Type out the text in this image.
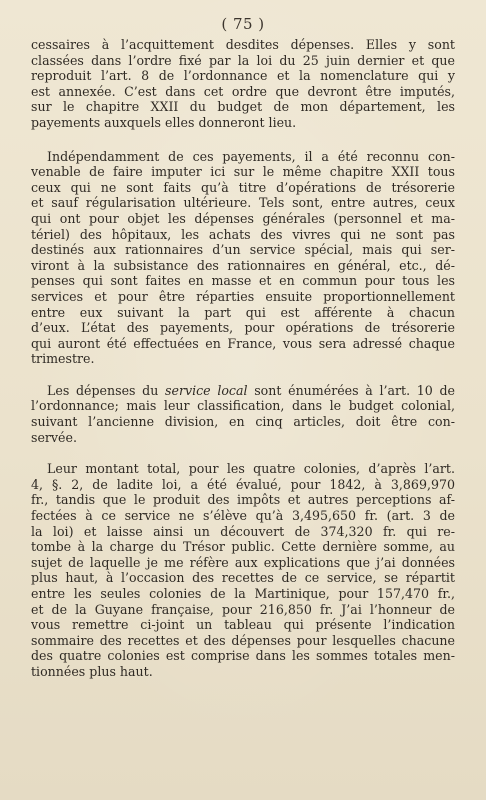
( 75 )
cessaires à l’acquittement desdites dépenses. Elles y sont
classées dans l’ordre fixé par la loi du 25 juin dernier et que
reproduit l’art. 8 de l’ordonnance et la nomenclature qui y
est annexée. C’est dans cet ordre que devront être imputés,
sur le chapitre XXII du budget de mon département, les
payements auxquels elles donneront lieu.
Indépendamment de ces payements, il a été reconnu con-
venable de faire imputer ici sur le même chapitre XXII tous
ceux qui ne sont faits qu’à titre d’opérations de trésorerie
et sauf régularisation ultérieure. Tels sont, entre autres, ceux
qui ont pour objet les dépenses générales (personnel et ma-
tériel) des hôpitaux, les achats des vivres qui ne sont pas
destinés aux rationnaires d’un service spécial, mais qui ser-
viront à la subsistance des rationnaires en général, etc., dé-
penses qui sont faites en masse et en commun pour tous les
services et pour être réparties ensuite proportionnellement
entre eux suivant la part qui est afférente à chacun
d’eux. L’état des payements, pour opérations de trésorerie
qui auront été effectuées en France, vous sera adressé chaque
trimestre.
Les dépenses du service local sont énumérées à l’art. 10 de
l’ordonnance; mais leur classification, dans le budget colonial,
suivant l’ancienne division, en cinq articles, doit être con-
servée.
Leur montant total, pour les quatre colonies, d’après l’art.
4, §. 2, de ladite loi, a été évalué, pour 1842, à 3,869,970
fr., tandis que le produit des impôts et autres perceptions af-
fectées à ce service ne s’élève qu’à 3,495,650 fr. (art. 3 de
la loi) et laisse ainsi un découvert de 374,320 fr. qui re-
tombe à la charge du Trésor public. Cette dernière somme, au
sujet de laquelle je me réfère aux explications que j’ai données
plus haut, à l’occasion des recettes de ce service, se répartit
entre les seules colonies de la Martinique, pour 157,470 fr.,
et de la Guyane française, pour 216,850 fr. J’ai l’honneur de
vous remettre ci-joint un tableau qui présente l’indication
sommaire des recettes et des dépenses pour lesquelles chacune
des quatre colonies est comprise dans les sommes totales men-
tionnées plus haut.
